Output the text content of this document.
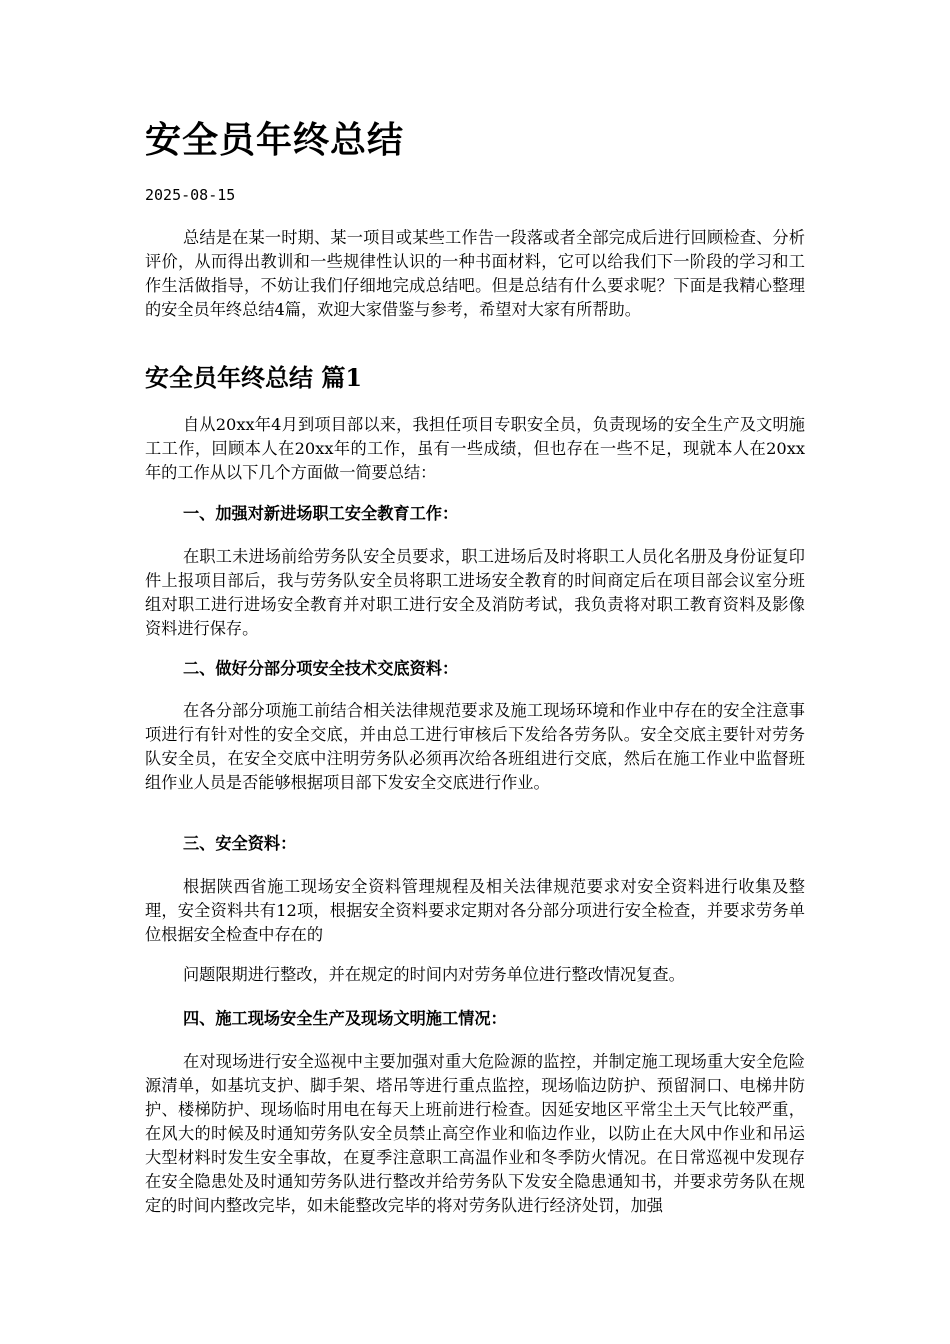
安全员年终总结
2025-08-15

总结是在某一时期、某一项目或某些工作告一段落或者全部完成后进行回顾检查、分析评价，从而得出教训和一些规律性认识的一种书面材料，它可以给我们下一阶段的学习和工作生活做指导，不妨让我们仔细地完成总结吧。但是总结有什么要求呢？下面是我精心整理的安全员年终总结4篇，欢迎大家借鉴与参考，希望对大家有所帮助。

安全员年终总结 篇1

自从20xx年4月到项目部以来，我担任项目专职安全员，负责现场的安全生产及文明施工工作，回顾本人在20xx年的工作，虽有一些成绩，但也存在一些不足，现就本人在20xx年的工作从以下几个方面做一简要总结：

一、加强对新进场职工安全教育工作：

在职工未进场前给劳务队安全员要求，职工进场后及时将职工人员化名册及身份证复印件上报项目部后，我与劳务队安全员将职工进场安全教育的时间商定后在项目部会议室分班组对职工进行进场安全教育并对职工进行安全及消防考试，我负责将对职工教育资料及影像资料进行保存。

二、做好分部分项安全技术交底资料：

在各分部分项施工前结合相关法律规范要求及施工现场环境和作业中存在的安全注意事项进行有针对性的安全交底，并由总工进行审核后下发给各劳务队。安全交底主要针对劳务队安全员，在安全交底中注明劳务队必须再次给各班组进行交底，然后在施工作业中监督班组作业人员是否能够根据项目部下发安全交底进行作业。

三、安全资料：

根据陕西省施工现场安全资料管理规程及相关法律规范要求对安全资料进行收集及整理，安全资料共有12项，根据安全资料要求定期对各分部分项进行安全检查，并要求劳务单位根据安全检查中存在的

问题限期进行整改，并在规定的时间内对劳务单位进行整改情况复查。

四、施工现场安全生产及现场文明施工情况：

在对现场进行安全巡视中主要加强对重大危险源的监控，并制定施工现场重大安全危险源清单，如基坑支护、脚手架、塔吊等进行重点监控，现场临边防护、预留洞口、电梯井防护、楼梯防护、现场临时用电在每天上班前进行检查。因延安地区平常尘土天气比较严重，在风大的时候及时通知劳务队安全员禁止高空作业和临边作业，以防止在大风中作业和吊运大型材料时发生安全事故，在夏季注意职工高温作业和冬季防火情况。在日常巡视中发现存在安全隐患处及时通知劳务队进行整改并给劳务队下发安全隐患通知书，并要求劳务队在规定的时间内整改完毕，如未能整改完毕的将对劳务队进行经济处罚，加强
